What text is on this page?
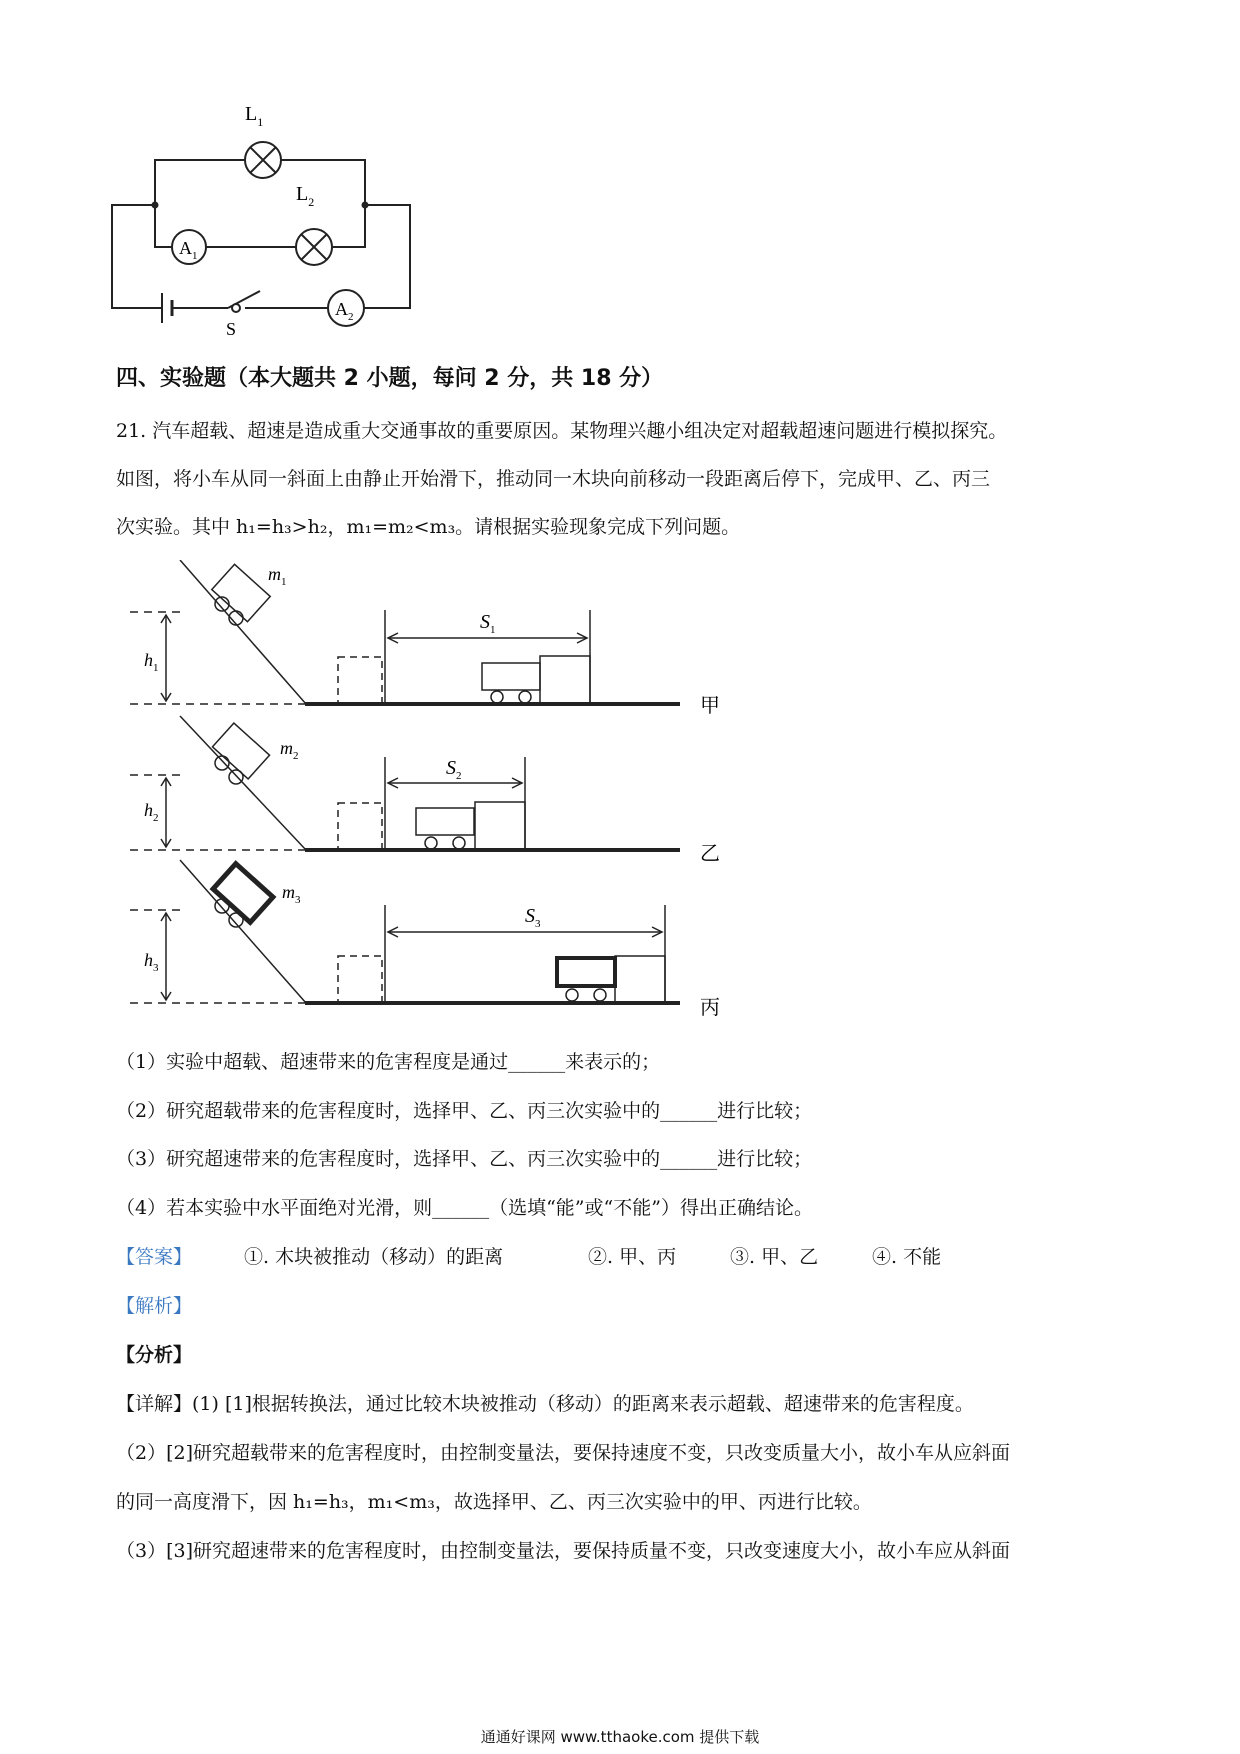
$L_1$
$L_2$
$A_1$
$A_2$
S
四、实验题（本大题共 2 小题，每问 2 分，共 18 分）
21. 汽车超载、超速是造成重大交通事故的重要原因。某物理兴趣小组决定对超载超速问题进行模拟探究。
如图，将小车从同一斜面上由静止开始滑下，推动同一木块向前移动一段距离后停下，完成甲、乙、丙三
次实验。其中 h₁=h₃>h₂，m₁=m₂<m₃。请根据实验现象完成下列问题。
$m_1$
$h_1$
$S_1$
甲
$m_2$
$h_2$
$S_2$
乙
$m_3$
$h_3$
$S_3$
丙
（1）实验中超载、超速带来的危害程度是通过______来表示的；
（2）研究超载带来的危害程度时，选择甲、乙、丙三次实验中的______进行比较；
（3）研究超速带来的危害程度时，选择甲、乙、丙三次实验中的______进行比较；
（4）若本实验中水平面绝对光滑，则______（选填“能”或“不能”）得出正确结论。
【答案】	①. 木块被推动（移动）的距离	②. 甲、丙	③. 甲、乙	④. 不能
【解析】
【分析】
【详解】(1) [1]根据转换法，通过比较木块被推动（移动）的距离来表示超载、超速带来的危害程度。
（2）[2]研究超载带来的危害程度时，由控制变量法，要保持速度不变，只改变质量大小，故小车从应斜面
的同一高度滑下，因 h₁=h₃，m₁<m₃，故选择甲、乙、丙三次实验中的甲、丙进行比较。
（3）[3]研究超速带来的危害程度时，由控制变量法，要保持质量不变，只改变速度大小，故小车应从斜面
通通好课网 www.tthaoke.com 提供下载
